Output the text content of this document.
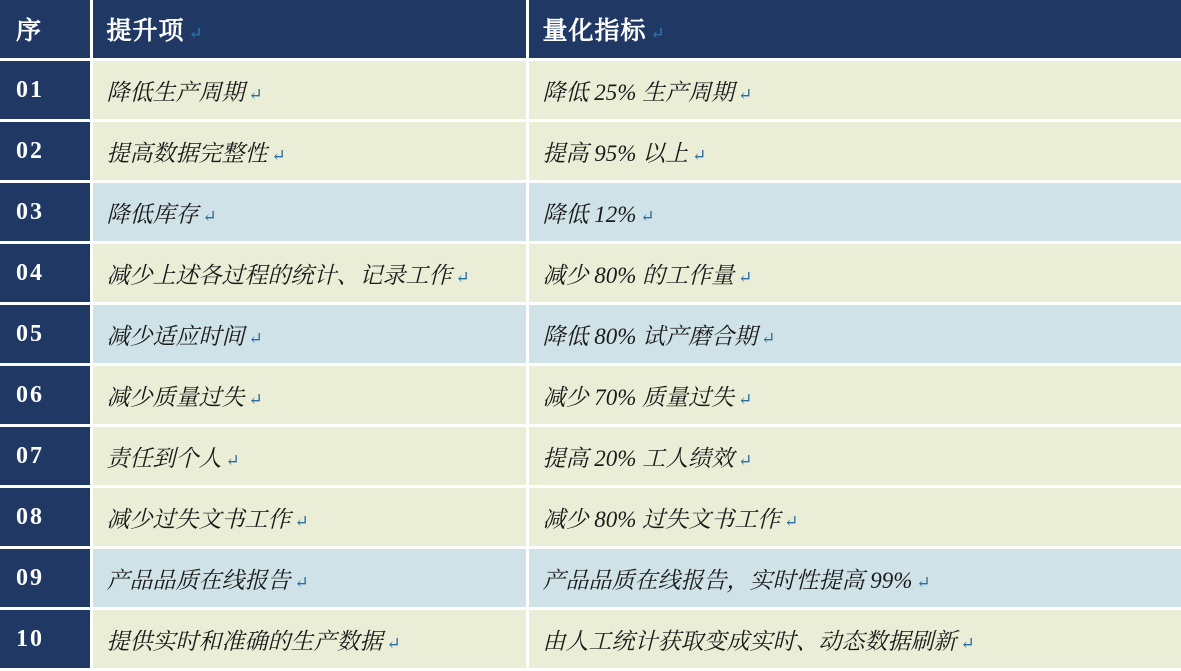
序	提升项 ↵	量化指标 ↵
01	降低生产周期 ↵	降低 25% 生产周期 ↵
02	提高数据完整性 ↵	提高 95% 以上 ↵
03	降低库存 ↵	降低 12% ↵
04	减少上述各过程的统计、记录工作 ↵	减少 80% 的工作量 ↵
05	减少适应时间 ↵	降低 80% 试产磨合期 ↵
06	减少质量过失 ↵	减少 70% 质量过失 ↵
07	责任到个人 ↵	提高 20% 工人绩效 ↵
08	减少过失文书工作 ↵	减少 80% 过失文书工作 ↵
09	产品品质在线报告 ↵	产品品质在线报告，实时性提高 99% ↵
10	提供实时和准确的生产数据 ↵	由人工统计获取变成实时、动态数据刷新 ↵
